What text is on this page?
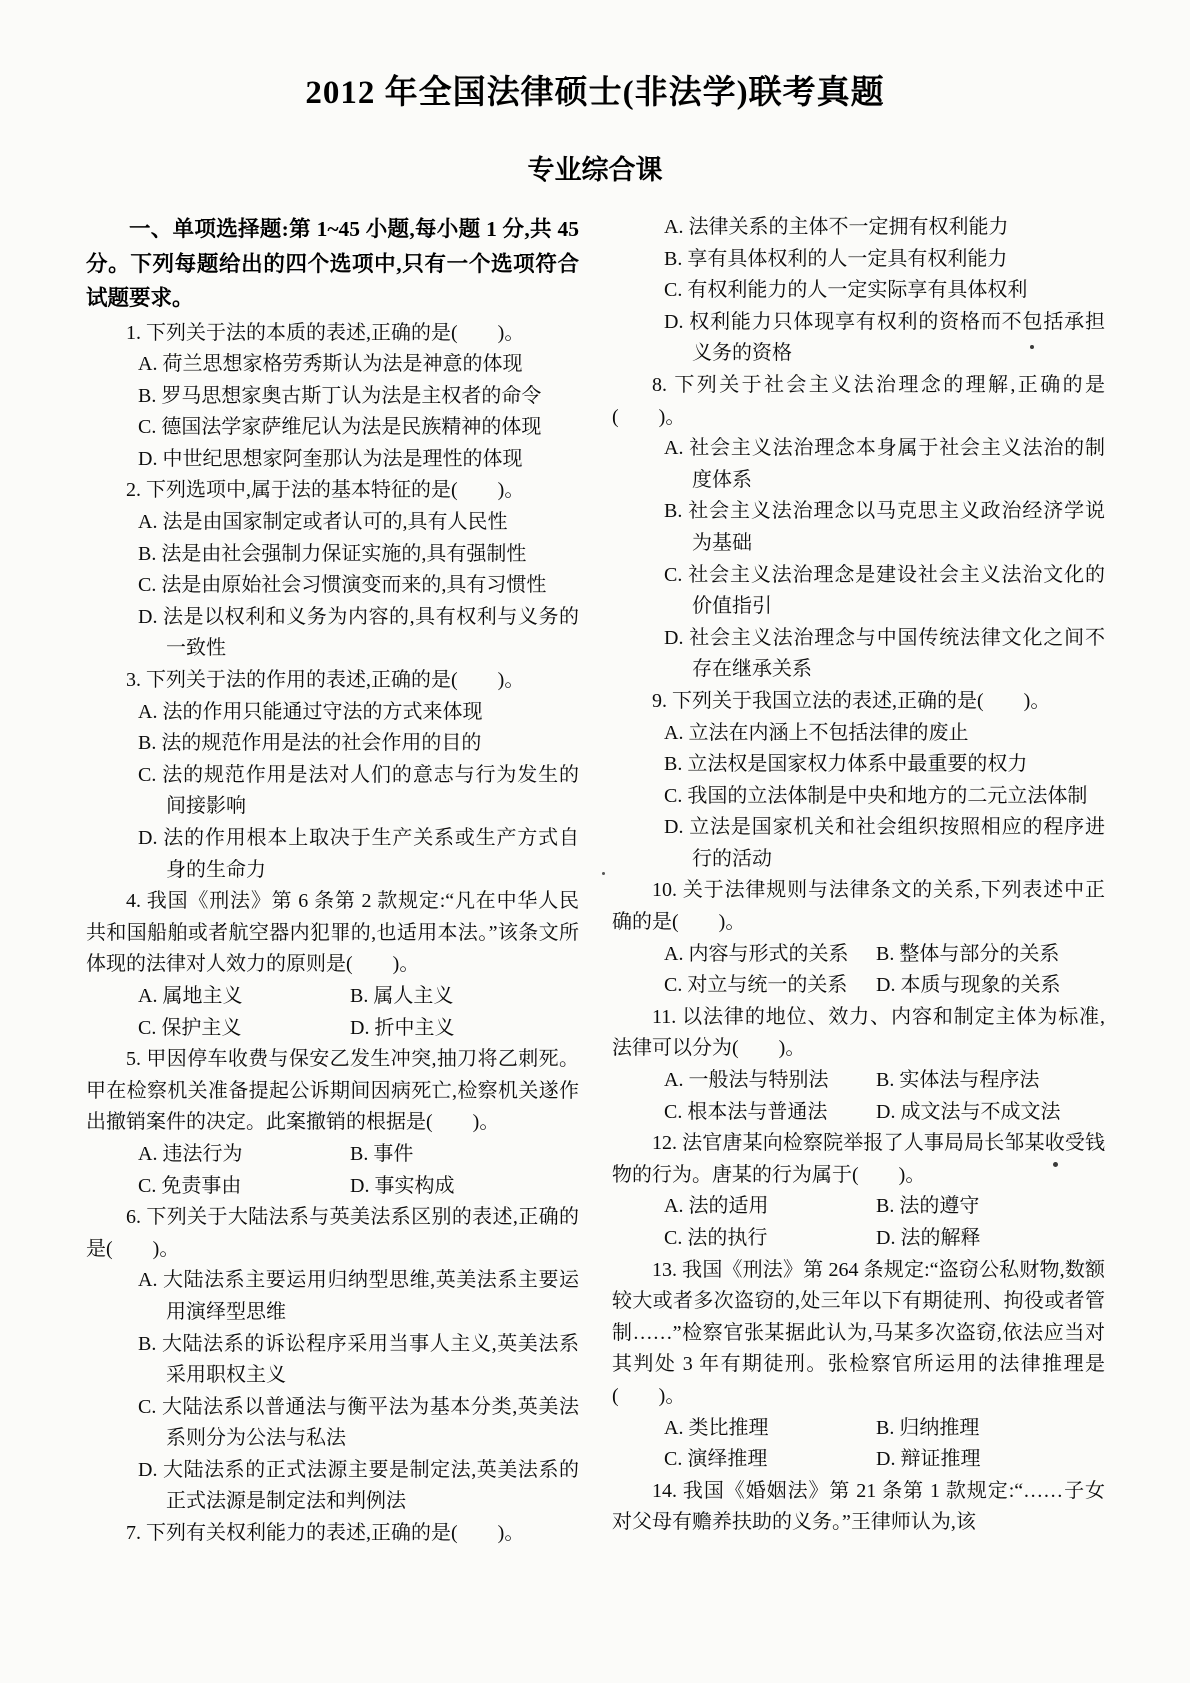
2012 年全国法律硕士(非法学)联考真题
专业综合课

一、单项选择题:第 1~45 小题,每小题 1 分,共 45 分。下列每题给出的四个选项中,只有一个选项符合试题要求。

1. 下列关于法的本质的表述,正确的是(　　)。

A. 荷兰思想家格劳秀斯认为法是神意的体现

B. 罗马思想家奥古斯丁认为法是主权者的命令

C. 德国法学家萨维尼认为法是民族精神的体现

D. 中世纪思想家阿奎那认为法是理性的体现

2. 下列选项中,属于法的基本特征的是(　　)。

A. 法是由国家制定或者认可的,具有人民性

B. 法是由社会强制力保证实施的,具有强制性

C. 法是由原始社会习惯演变而来的,具有习惯性

D. 法是以权利和义务为内容的,具有权利与义务的一致性

3. 下列关于法的作用的表述,正确的是(　　)。

A. 法的作用只能通过守法的方式来体现

B. 法的规范作用是法的社会作用的目的

C. 法的规范作用是法对人们的意志与行为发生的间接影响

D. 法的作用根本上取决于生产关系或生产方式自身的生命力

4. 我国《刑法》第 6 条第 2 款规定:“凡在中华人民共和国船舶或者航空器内犯罪的,也适用本法。”该条文所体现的法律对人效力的原则是(　　)。

A. 属地主义	B. 属人主义

C. 保护主义	D. 折中主义

5. 甲因停车收费与保安乙发生冲突,抽刀将乙刺死。甲在检察机关准备提起公诉期间因病死亡,检察机关遂作出撤销案件的决定。此案撤销的根据是(　　)。

A. 违法行为	B. 事件

C. 免责事由	D. 事实构成

6. 下列关于大陆法系与英美法系区别的表述,正确的是(　　)。

A. 大陆法系主要运用归纳型思维,英美法系主要运用演绎型思维

B. 大陆法系的诉讼程序采用当事人主义,英美法系采用职权主义

C. 大陆法系以普通法与衡平法为基本分类,英美法系则分为公法与私法

D. 大陆法系的正式法源主要是制定法,英美法系的正式法源是制定法和判例法

7. 下列有关权利能力的表述,正确的是(　　)。

A. 法律关系的主体不一定拥有权利能力

B. 享有具体权利的人一定具有权利能力

C. 有权利能力的人一定实际享有具体权利

D. 权利能力只体现享有权利的资格而不包括承担义务的资格

8. 下列关于社会主义法治理念的理解,正确的是(　　)。

A. 社会主义法治理念本身属于社会主义法治的制度体系

B. 社会主义法治理念以马克思主义政治经济学说为基础

C. 社会主义法治理念是建设社会主义法治文化的价值指引

D. 社会主义法治理念与中国传统法律文化之间不存在继承关系

9. 下列关于我国立法的表述,正确的是(　　)。

A. 立法在内涵上不包括法律的废止

B. 立法权是国家权力体系中最重要的权力

C. 我国的立法体制是中央和地方的二元立法体制

D. 立法是国家机关和社会组织按照相应的程序进行的活动

10. 关于法律规则与法律条文的关系,下列表述中正确的是(　　)。

A. 内容与形式的关系 B. 整体与部分的关系

C. 对立与统一的关系 D. 本质与现象的关系

11. 以法律的地位、效力、内容和制定主体为标准,法律可以分为(　　)。

A. 一般法与特别法 B. 实体法与程序法

C. 根本法与普通法 D. 成文法与不成文法

12. 法官唐某向检察院举报了人事局局长邹某收受钱物的行为。唐某的行为属于(　　)。

A. 法的适用	B. 法的遵守

C. 法的执行	D. 法的解释

13. 我国《刑法》第 264 条规定:“盗窃公私财物,数额较大或者多次盗窃的,处三年以下有期徒刑、拘役或者管制……”检察官张某据此认为,马某多次盗窃,依法应当对其判处 3 年有期徒刑。张检察官所运用的法律推理是(　　)。

A. 类比推理	B. 归纳推理

C. 演绎推理	D. 辩证推理

14. 我国《婚姻法》第 21 条第 1 款规定:“……子女对父母有赡养扶助的义务。”王律师认为,该
